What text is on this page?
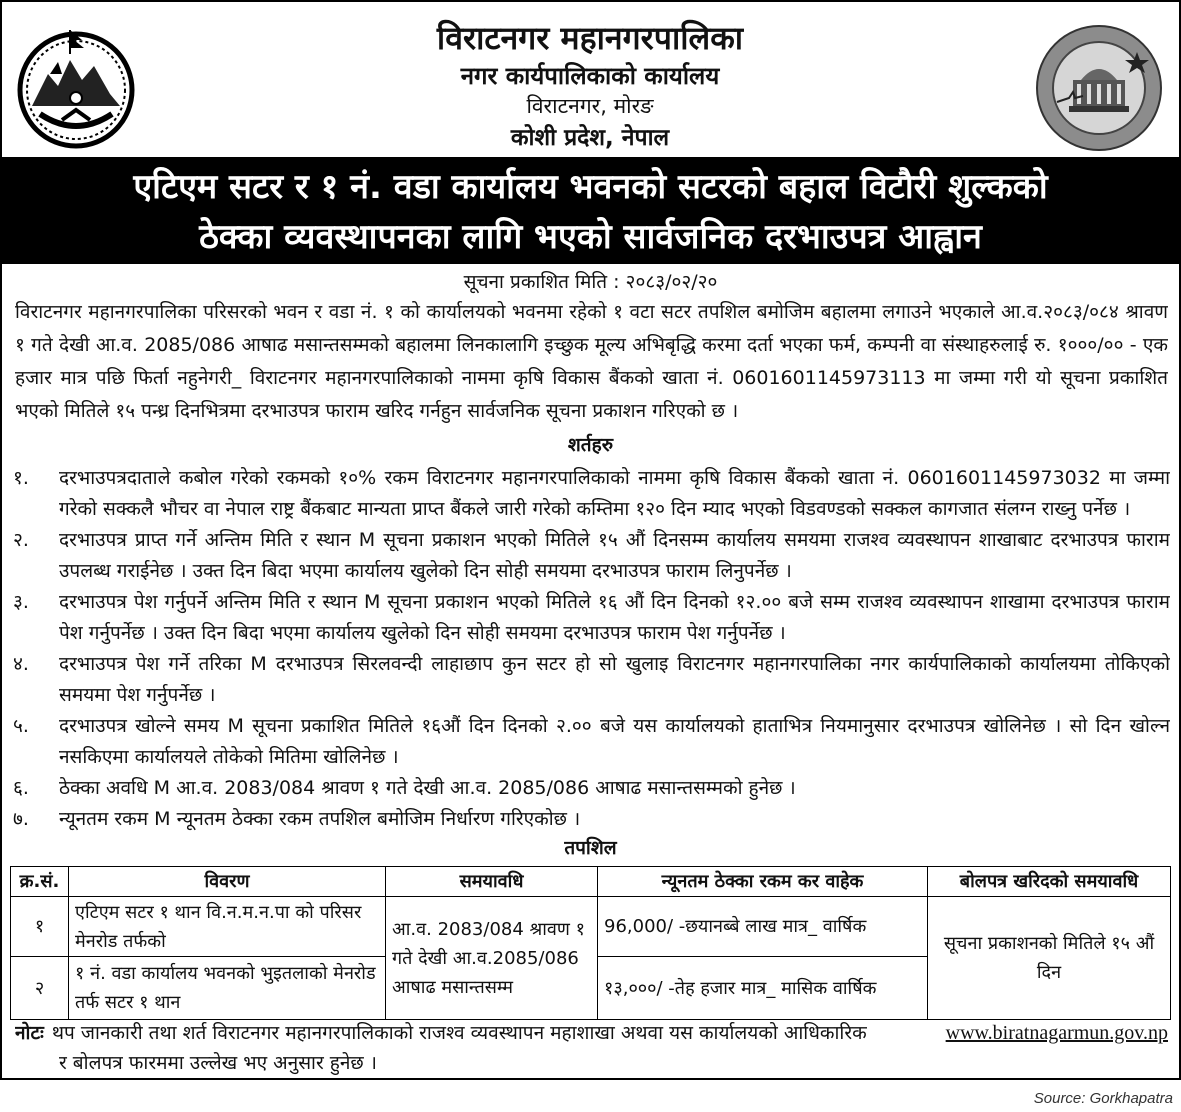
विराटनगर महानगरपालिका
नगर कार्यपालिकाको कार्यालय
विराटनगर, मोरङ
कोशी प्रदेश, नेपाल
एटिएम सटर र १ नं. वडा कार्यालय भवनको सटरको बहाल विटौरी शुल्कको
ठेक्का व्यवस्थापनका लागि भएको सार्वजनिक दरभाउपत्र आह्वान
सूचना प्रकाशित मिति : २०८३/०२/२०
विराटनगर महानगरपालिका परिसरको भवन र वडा नं. १ को कार्यालयको भवनमा रहेको १ वटा सटर तपशिल बमोजिम बहालमा लगाउने भएकाले आ.व.२०८३/०८४ श्रावण १ गते देखी आ.व. 2085/086 आषाढ मसान्तसम्मको बहालमा लिनकालागि इच्छुक मूल्य अभिबृद्धि करमा दर्ता भएका फर्म, कम्पनी वा संस्थाहरुलाई रु. १०००/०० - एक हजार मात्र पछि फिर्ता नहुनेगरी_ विराटनगर महानगरपालिकाको नाममा कृषि विकास बैंकको खाता नं. 0601601145973113 मा जम्मा गरी यो सूचना प्रकाशित भएको मितिले १५ पन्ध्र दिनभित्रमा दरभाउपत्र फाराम खरिद गर्नहुन सार्वजनिक सूचना प्रकाशन गरिएको छ ।
शर्तहरु
१.	दरभाउपत्रदाताले कबोल गरेको रकमको १०% रकम विराटनगर महानगरपालिकाको नाममा कृषि विकास बैंकको खाता नं. 0601601145973032 मा जम्मा गरेको सक्कलै भौचर वा नेपाल राष्ट्र बैंकबाट मान्यता प्राप्त बैंकले जारी गरेको कम्तिमा १२० दिन म्याद भएको विडवण्डको सक्कल कागजात संलग्न राख्नु पर्नेछ ।
२.	दरभाउपत्र प्राप्त गर्ने अन्तिम मिति र स्थान M सूचना प्रकाशन भएको मितिले १५ औं दिनसम्म कार्यालय समयमा राजश्व व्यवस्थापन शाखाबाट दरभाउपत्र फाराम उपलब्ध गराईनेछ । उक्त दिन बिदा भएमा कार्यालय खुलेको दिन सोही समयमा दरभाउपत्र फाराम लिनुपर्नेछ ।
३.	दरभाउपत्र पेश गर्नुपर्ने अन्तिम मिति र स्थान M सूचना प्रकाशन भएको मितिले १६ औं दिन दिनको १२.०० बजे सम्म राजश्व व्यवस्थापन शाखामा दरभाउपत्र फाराम पेश गर्नुपर्नेछ । उक्त दिन बिदा भएमा कार्यालय खुलेको दिन सोही समयमा दरभाउपत्र फाराम पेश गर्नुपर्नेछ ।
४.	दरभाउपत्र पेश गर्ने तरिका M दरभाउपत्र सिरलवन्दी लाहाछाप कुन सटर हो सो खुलाइ विराटनगर महानगरपालिका नगर कार्यपालिकाको कार्यालयमा तोकिएको समयमा पेश गर्नुपर्नेछ ।
५.	दरभाउपत्र खोल्ने समय M सूचना प्रकाशित मितिले १६औं दिन दिनको २.०० बजे यस कार्यालयको हाताभित्र नियमानुसार दरभाउपत्र खोलिनेछ । सो दिन खोल्न नसकिएमा कार्यालयले तोकेको मितिमा खोलिनेछ ।
६.	ठेक्का अवधि M आ.व. 2083/084 श्रावण १ गते देखी आ.व. 2085/086 आषाढ मसान्तसम्मको हुनेछ ।
७.	न्यूनतम रकम M न्यूनतम ठेक्का रकम तपशिल बमोजिम निर्धारण गरिएकोछ ।
तपशिल
क्र.सं.	विवरण	समयावधि	न्यूनतम ठेक्का रकम कर वाहेक	बोलपत्र खरिदको समयावधि
१	एटिएम सटर १ थान वि.न.म.न.पा को परिसर मेनरोड तर्फको	आ.व. 2083/084 श्रावण १ गते देखी आ.व.2085/086 आषाढ मसान्तसम्म	96,000/ -छयानब्बे लाख मात्र_ वार्षिक	सूचना प्रकाशनको मितिले १५ औं दिन
२	१ नं. वडा कार्यालय भवनको भुइतलाको मेनरोड तर्फ सटर १ थान		१३,०००/ -तेह हजार मात्र_ मासिक वार्षिक	
नोटः थप जानकारी तथा शर्त विराटनगर महानगरपालिकाको राजश्व व्यवस्थापन महाशाखा अथवा यस कार्यालयको आधिकारिक	www.biratnagarmun.gov.np
र बोलपत्र फारममा उल्लेख भए अनुसार हुनेछ ।
Source: Gorkhapatra
